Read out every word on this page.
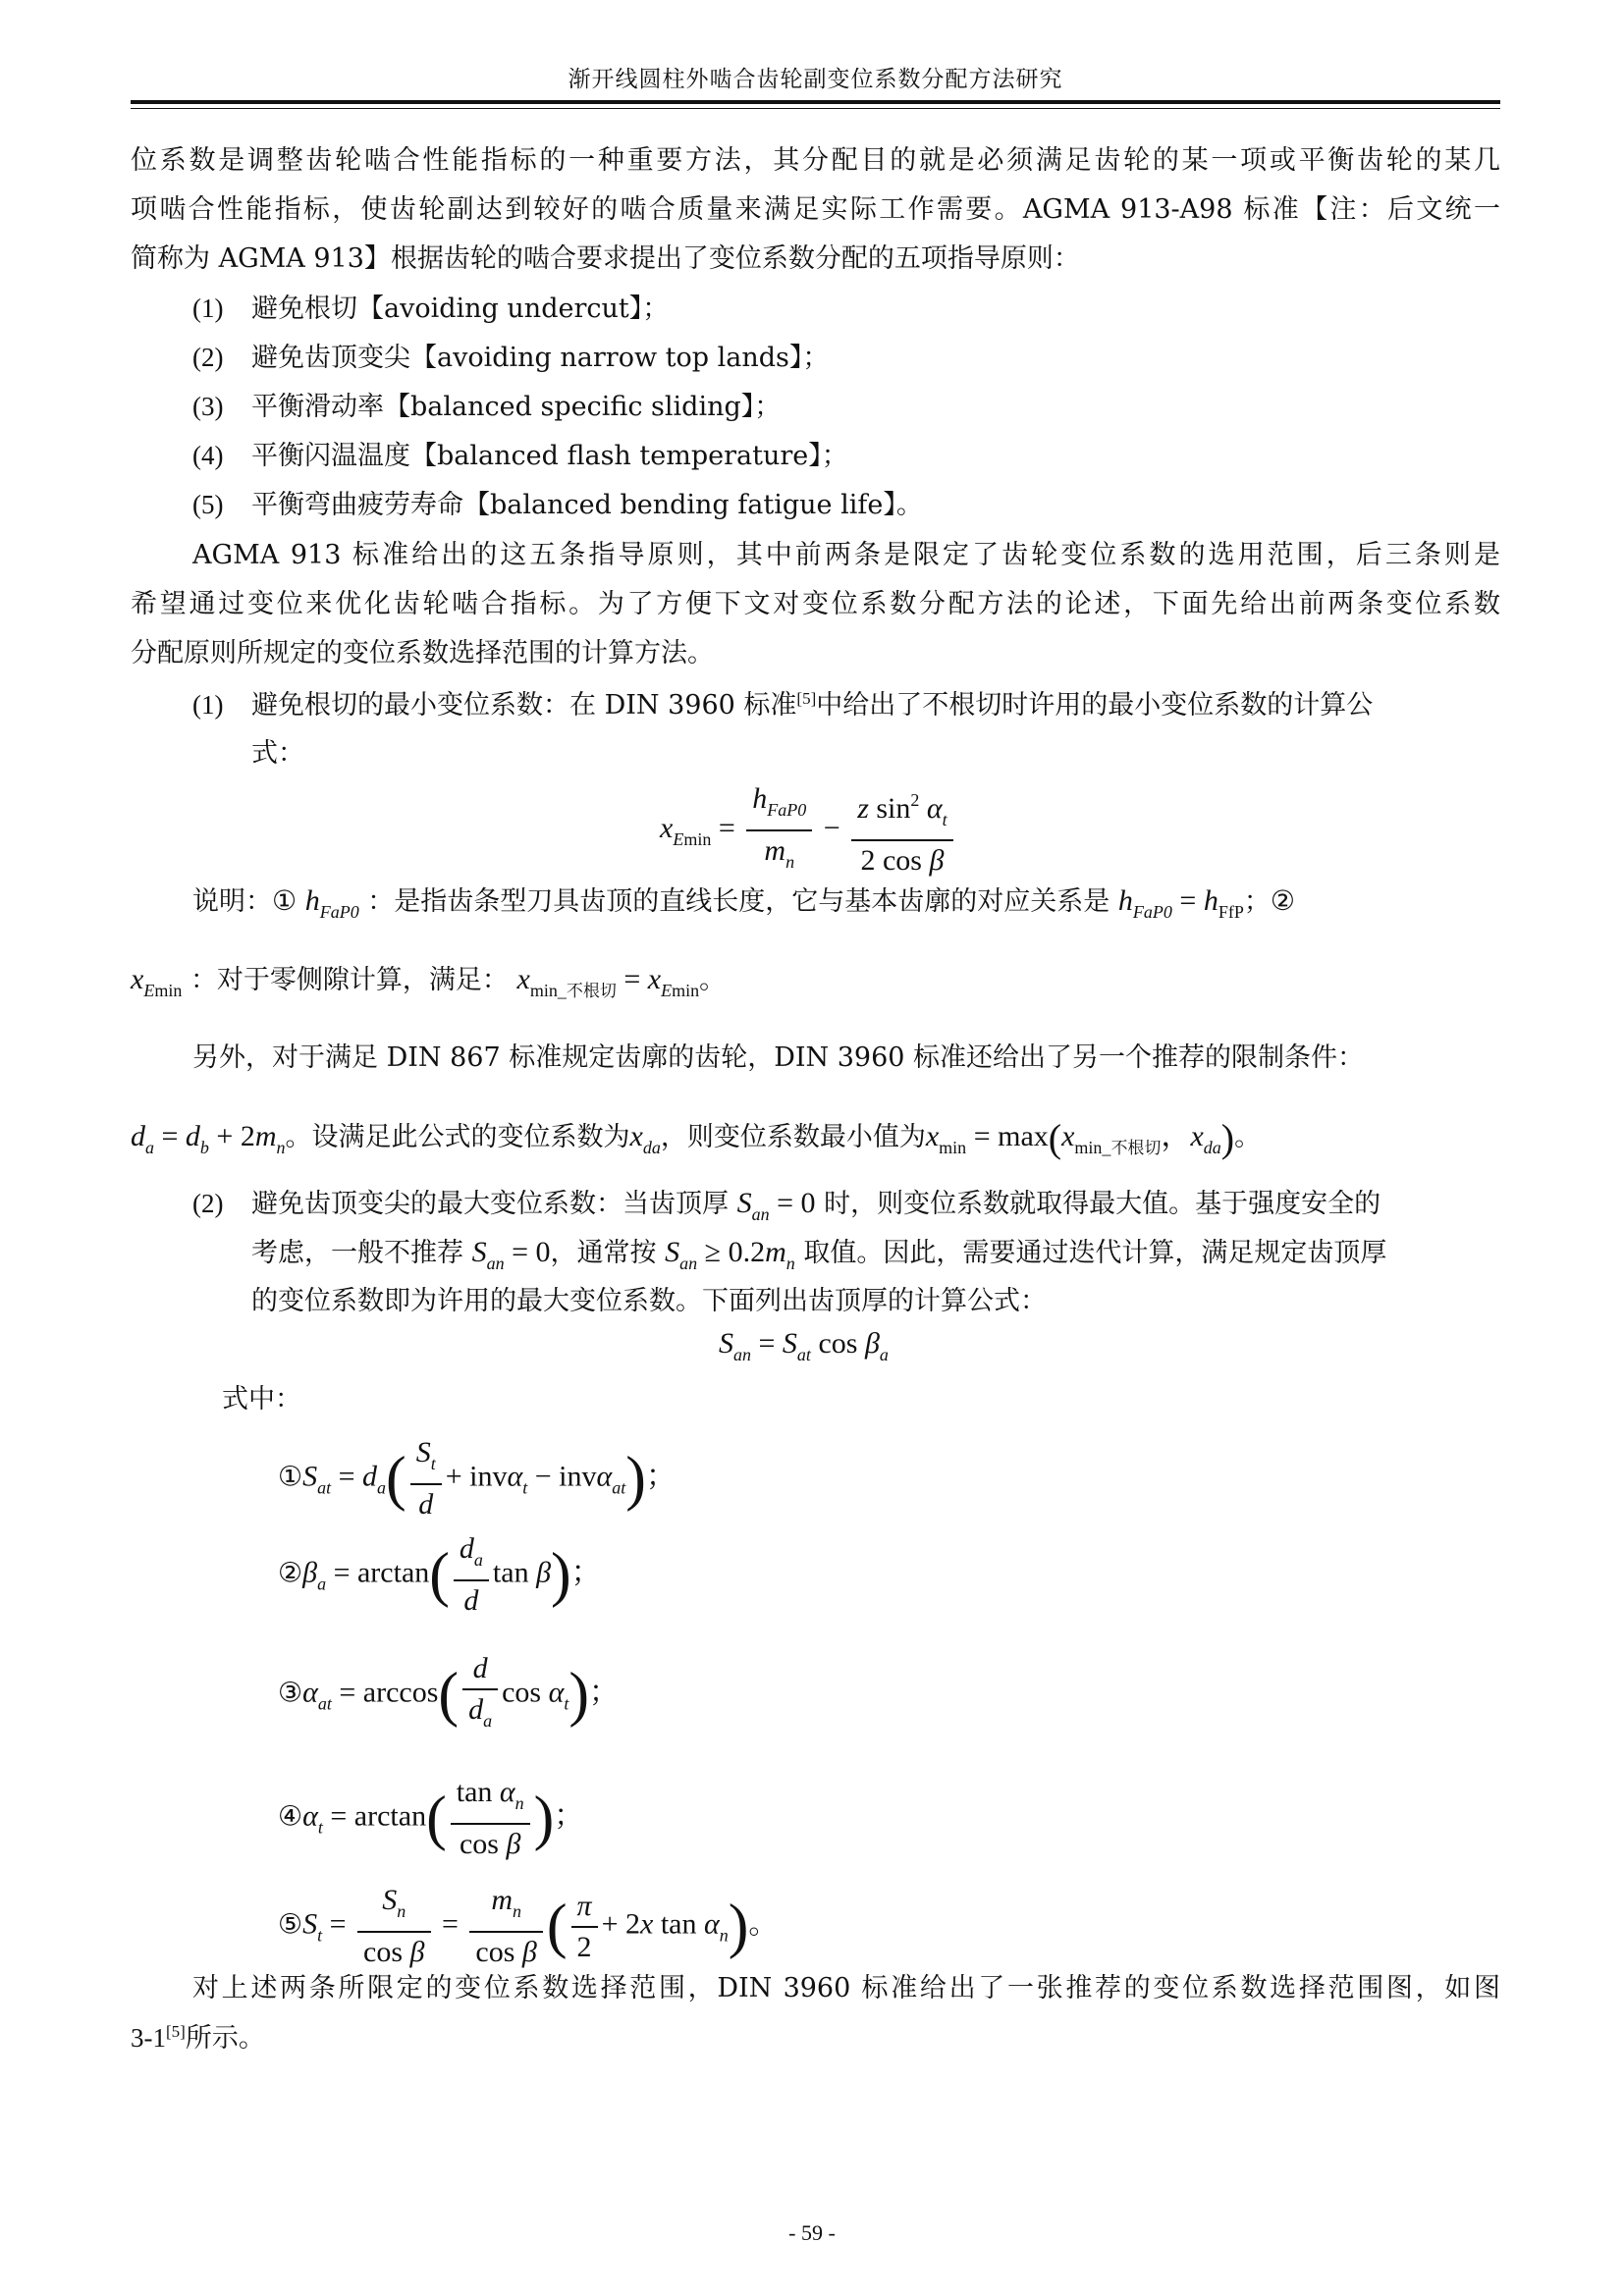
渐开线圆柱外啮合齿轮副变位系数分配方法研究
位系数是调整齿轮啮合性能指标的一种重要方法，其分配目的就是必须满足齿轮的某一项或平衡齿轮的某几
项啮合性能指标，使齿轮副达到较好的啮合质量来满足实际工作需要。AGMA 913-A98 标准【注：后文统一
简称为 AGMA 913】根据齿轮的啮合要求提出了变位系数分配的五项指导原则：
(1) 避免根切【avoiding undercut】；
(2) 避免齿顶变尖【avoiding narrow top lands】；
(3) 平衡滑动率【balanced specific sliding】；
(4) 平衡闪温温度【balanced flash temperature】；
(5) 平衡弯曲疲劳寿命【balanced bending fatigue life】。
AGMA 913 标准给出的这五条指导原则，其中前两条是限定了齿轮变位系数的选用范围，后三条则是
希望通过变位来优化齿轮啮合指标。为了方便下文对变位系数分配方法的论述，下面先给出前两条变位系数
分配原则所规定的变位系数选择范围的计算方法。
(1) 避免根切的最小变位系数：在 DIN 3960 标准[5]中给出了不根切时许用的最小变位系数的计算公
式：
$x_{Emin} = \frac{h_{FaP0}}{m_n} - \frac{z \sin^2 \alpha_t}{\text{2 cos β}}$
说明：① $h_{FaP0}$ ：是指齿条型刀具齿顶的直线长度，它与基本齿廓的对应关系是 $h_{FaP0} = h_{FfP}$；②
$x_{Emin}$ ：对于零侧隙计算，满足： $x_{min\_不根切} = x_{Emin}$。
另外，对于满足 DIN 867 标准规定齿廓的齿轮，DIN 3960 标准还给出了另一个推荐的限制条件：
$d_a = d_b + 2m_n$。设满足此公式的变位系数为$x_{da}$，则变位系数最小值为$x_{min} = \max(x_{min\_不根切}$，$x_{da}$)。
(2) 避免齿顶变尖的最大变位系数：当齿顶厚 $S_{an} = 0$ 时，则变位系数就取得最大值。基于强度安全的
考虑，一般不推荐 $S_{an} = 0$，通常按 $S_{an} \ge 0.2m_n$ 取值。因此，需要通过迭代计算，满足规定齿顶厚
的变位系数即为许用的最大变位系数。下面列出齿顶厚的计算公式：
$S_{an} = S_{at}$ $\cos \beta_a$
式中：
$①S_{at} = d_a( \frac{S_t}{d} + inv\alpha_t - inv\alpha_{at})$；
$②\beta_a = \arctan( \frac{d_a}{d}$ tan β)；
$③\alpha_{at} = \arccos( \frac{d}{d_a}$ $\cos \alpha_t$)；
$④\alpha_t = \arctan( \frac{\tan \alpha_n}{\text{cos β}}$ )；
$⑤S_t = \frac{S_n}{\text{cos β}} = \frac{m_n}{\text{cos β}}$ ( $\frac{\pi}{2} + 2x$ $\tan \alpha_n$)。
对上述两条所限定的变位系数选择范围，DIN 3960 标准给出了一张推荐的变位系数选择范围图，如图
3-1[5]所示。
- 59 -
